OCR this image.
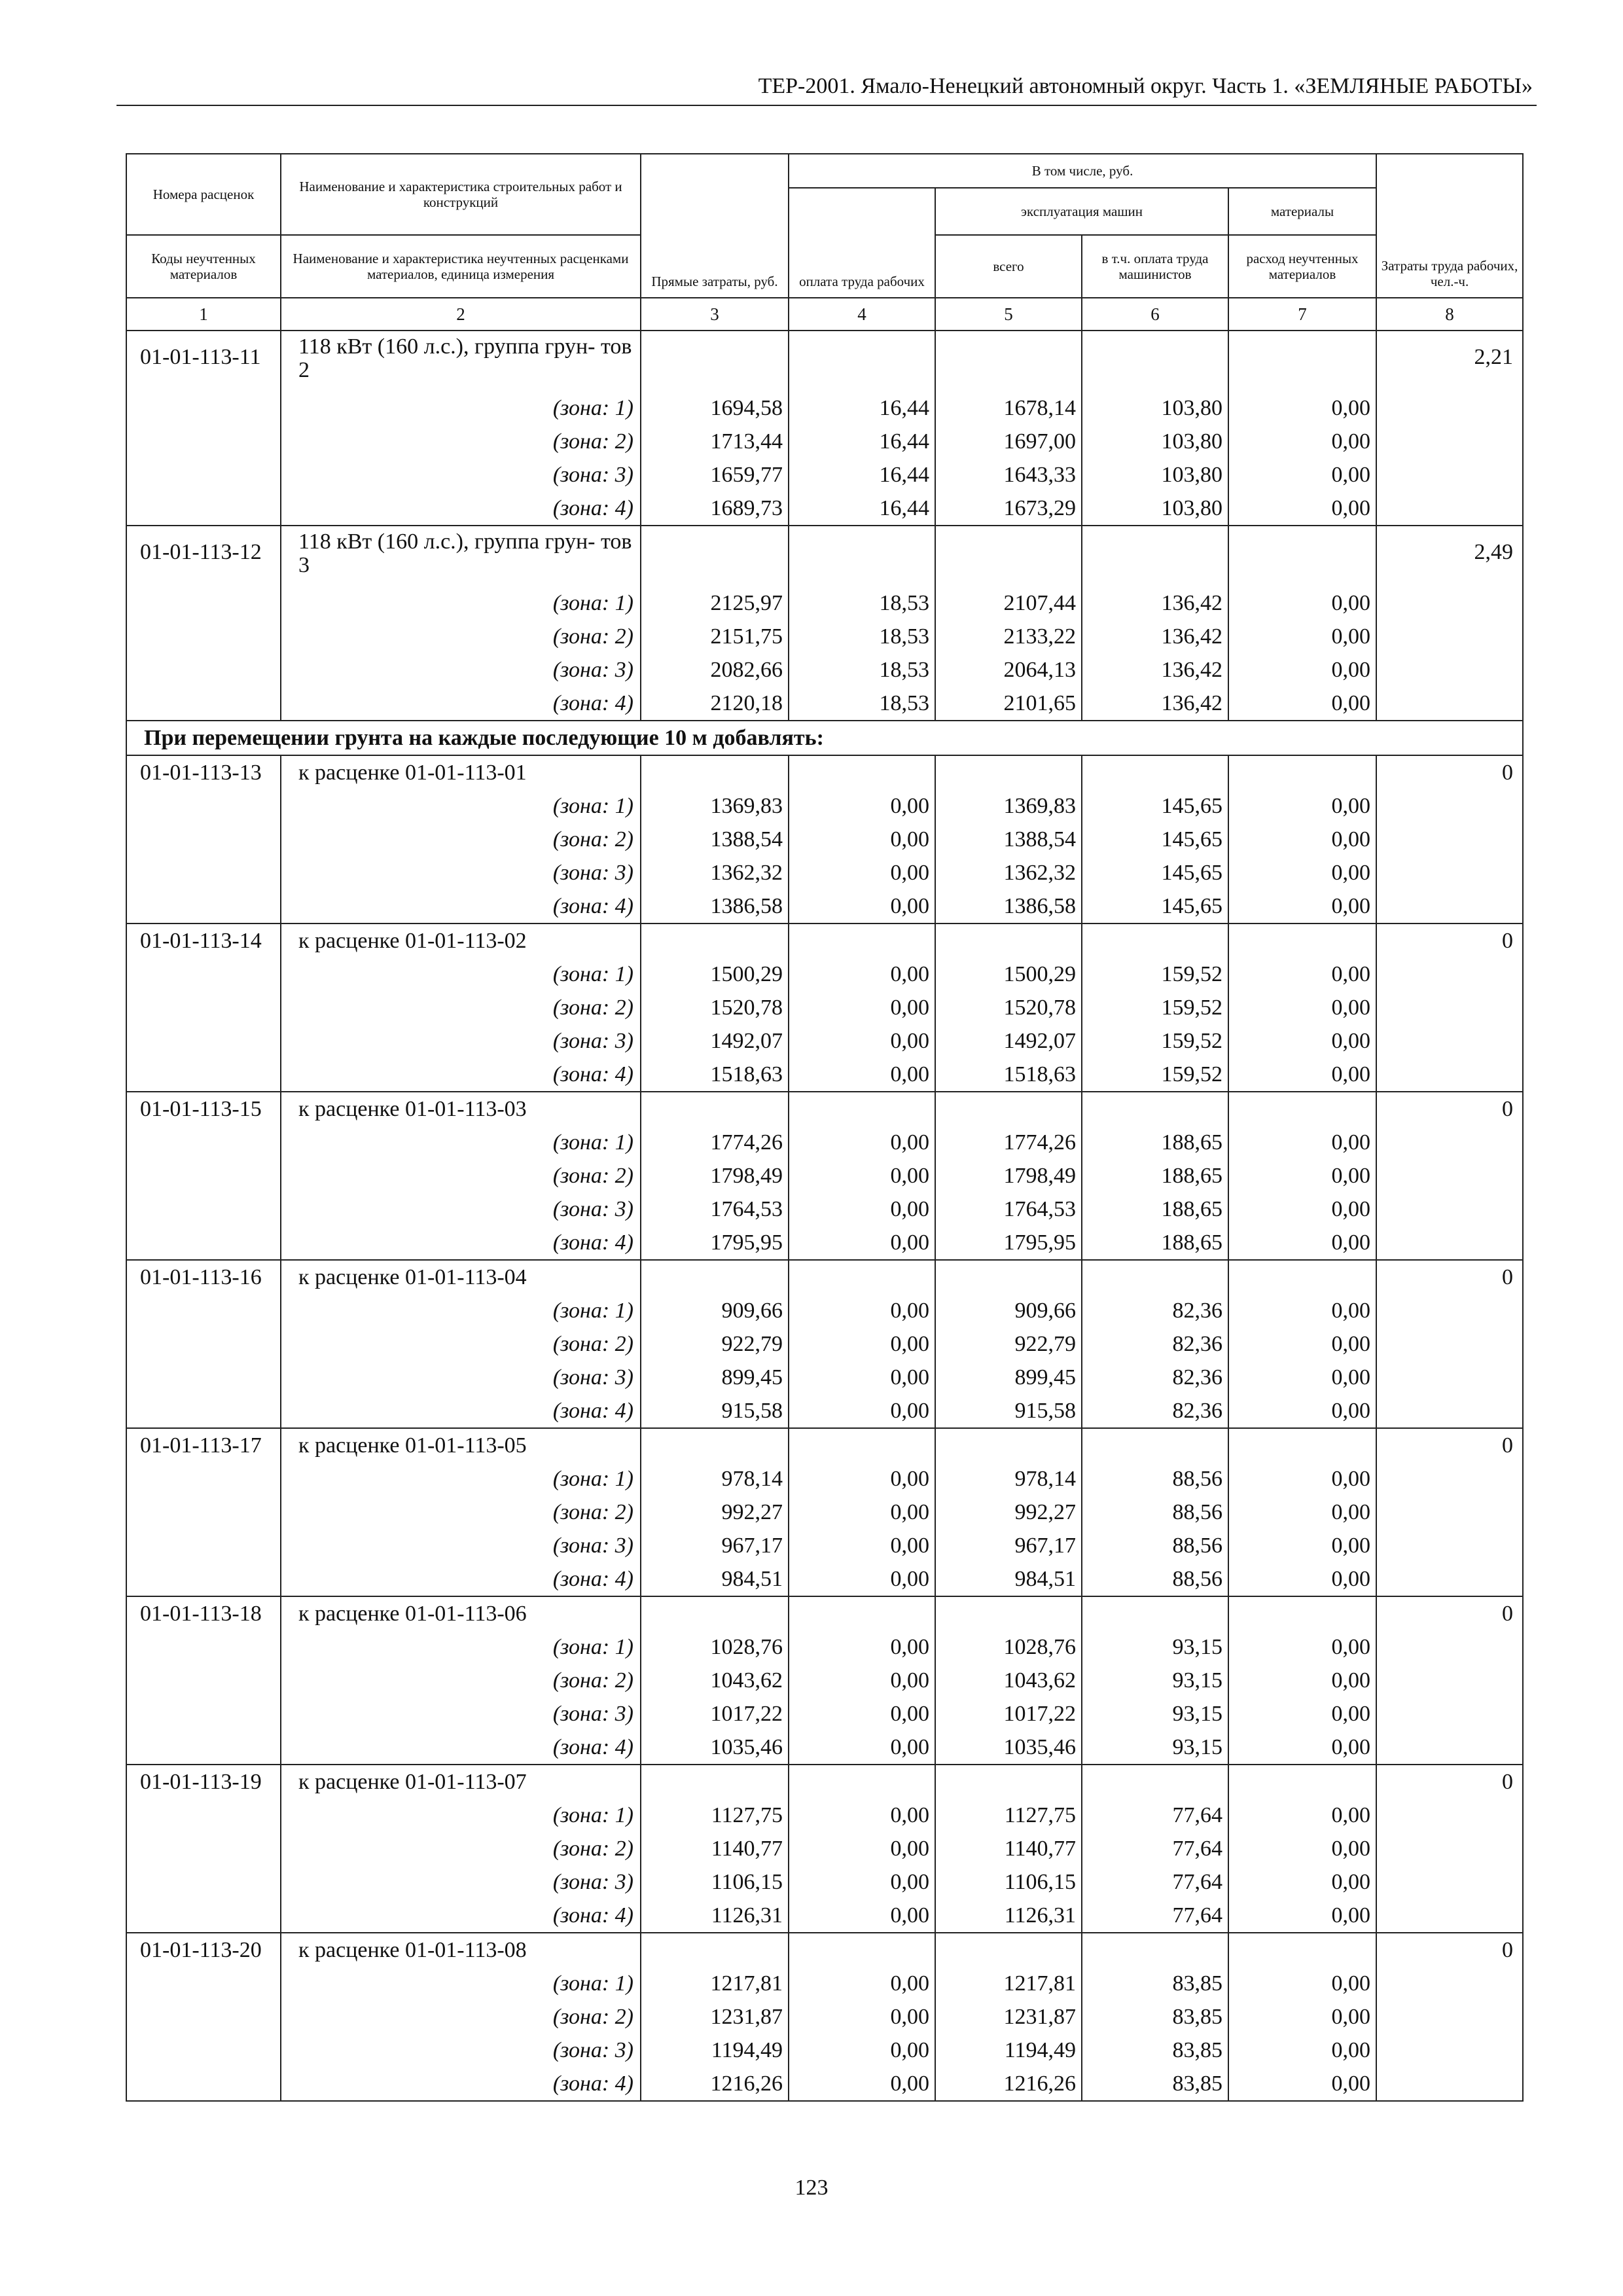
ТЕР-2001. Ямало-Ненецкий автономный округ. Часть 1. «ЗЕМЛЯНЫЕ РАБОТЫ»
Номера расценок	Наименование и характеристика строительных работ и конструкций	Прямые затраты, руб.	В том числе, руб.				Затраты труда рабочих, чел.-ч.
			оплата труда рабочих	эксплуатация машин		материалы	
Коды неучтенных материалов	Наименование и характеристика неучтенных расценками материалов, единица измерения			всего	в т.ч. оплата труда машинистов	расход неучтенных материалов	
1	2	3	4	5	6	7	8
01-01-113-11	118 кВт (160 л.с.), группа грун- тов 2						2,21
	(зона: 1)	1694,58	16,44	1678,14	103,80	0,00	
	(зона: 2)	1713,44	16,44	1697,00	103,80	0,00	
	(зона: 3)	1659,77	16,44	1643,33	103,80	0,00	
	(зона: 4)	1689,73	16,44	1673,29	103,80	0,00	
01-01-113-12	118 кВт (160 л.с.), группа грун- тов 3						2,49
	(зона: 1)	2125,97	18,53	2107,44	136,42	0,00	
	(зона: 2)	2151,75	18,53	2133,22	136,42	0,00	
	(зона: 3)	2082,66	18,53	2064,13	136,42	0,00	
	(зона: 4)	2120,18	18,53	2101,65	136,42	0,00	
При перемещении грунта на каждые последующие 10 м добавлять:							
01-01-113-13	к расценке 01-01-113-01						0
	(зона: 1)	1369,83	0,00	1369,83	145,65	0,00	
	(зона: 2)	1388,54	0,00	1388,54	145,65	0,00	
	(зона: 3)	1362,32	0,00	1362,32	145,65	0,00	
	(зона: 4)	1386,58	0,00	1386,58	145,65	0,00	
01-01-113-14	к расценке 01-01-113-02						0
	(зона: 1)	1500,29	0,00	1500,29	159,52	0,00	
	(зона: 2)	1520,78	0,00	1520,78	159,52	0,00	
	(зона: 3)	1492,07	0,00	1492,07	159,52	0,00	
	(зона: 4)	1518,63	0,00	1518,63	159,52	0,00	
01-01-113-15	к расценке 01-01-113-03						0
	(зона: 1)	1774,26	0,00	1774,26	188,65	0,00	
	(зона: 2)	1798,49	0,00	1798,49	188,65	0,00	
	(зона: 3)	1764,53	0,00	1764,53	188,65	0,00	
	(зона: 4)	1795,95	0,00	1795,95	188,65	0,00	
01-01-113-16	к расценке 01-01-113-04						0
	(зона: 1)	909,66	0,00	909,66	82,36	0,00	
	(зона: 2)	922,79	0,00	922,79	82,36	0,00	
	(зона: 3)	899,45	0,00	899,45	82,36	0,00	
	(зона: 4)	915,58	0,00	915,58	82,36	0,00	
01-01-113-17	к расценке 01-01-113-05						0
	(зона: 1)	978,14	0,00	978,14	88,56	0,00	
	(зона: 2)	992,27	0,00	992,27	88,56	0,00	
	(зона: 3)	967,17	0,00	967,17	88,56	0,00	
	(зона: 4)	984,51	0,00	984,51	88,56	0,00	
01-01-113-18	к расценке 01-01-113-06						0
	(зона: 1)	1028,76	0,00	1028,76	93,15	0,00	
	(зона: 2)	1043,62	0,00	1043,62	93,15	0,00	
	(зона: 3)	1017,22	0,00	1017,22	93,15	0,00	
	(зона: 4)	1035,46	0,00	1035,46	93,15	0,00	
01-01-113-19	к расценке 01-01-113-07						0
	(зона: 1)	1127,75	0,00	1127,75	77,64	0,00	
	(зона: 2)	1140,77	0,00	1140,77	77,64	0,00	
	(зона: 3)	1106,15	0,00	1106,15	77,64	0,00	
	(зона: 4)	1126,31	0,00	1126,31	77,64	0,00	
01-01-113-20	к расценке 01-01-113-08						0
	(зона: 1)	1217,81	0,00	1217,81	83,85	0,00	
	(зона: 2)	1231,87	0,00	1231,87	83,85	0,00	
	(зона: 3)	1194,49	0,00	1194,49	83,85	0,00	
	(зона: 4)	1216,26	0,00	1216,26	83,85	0,00	
123
